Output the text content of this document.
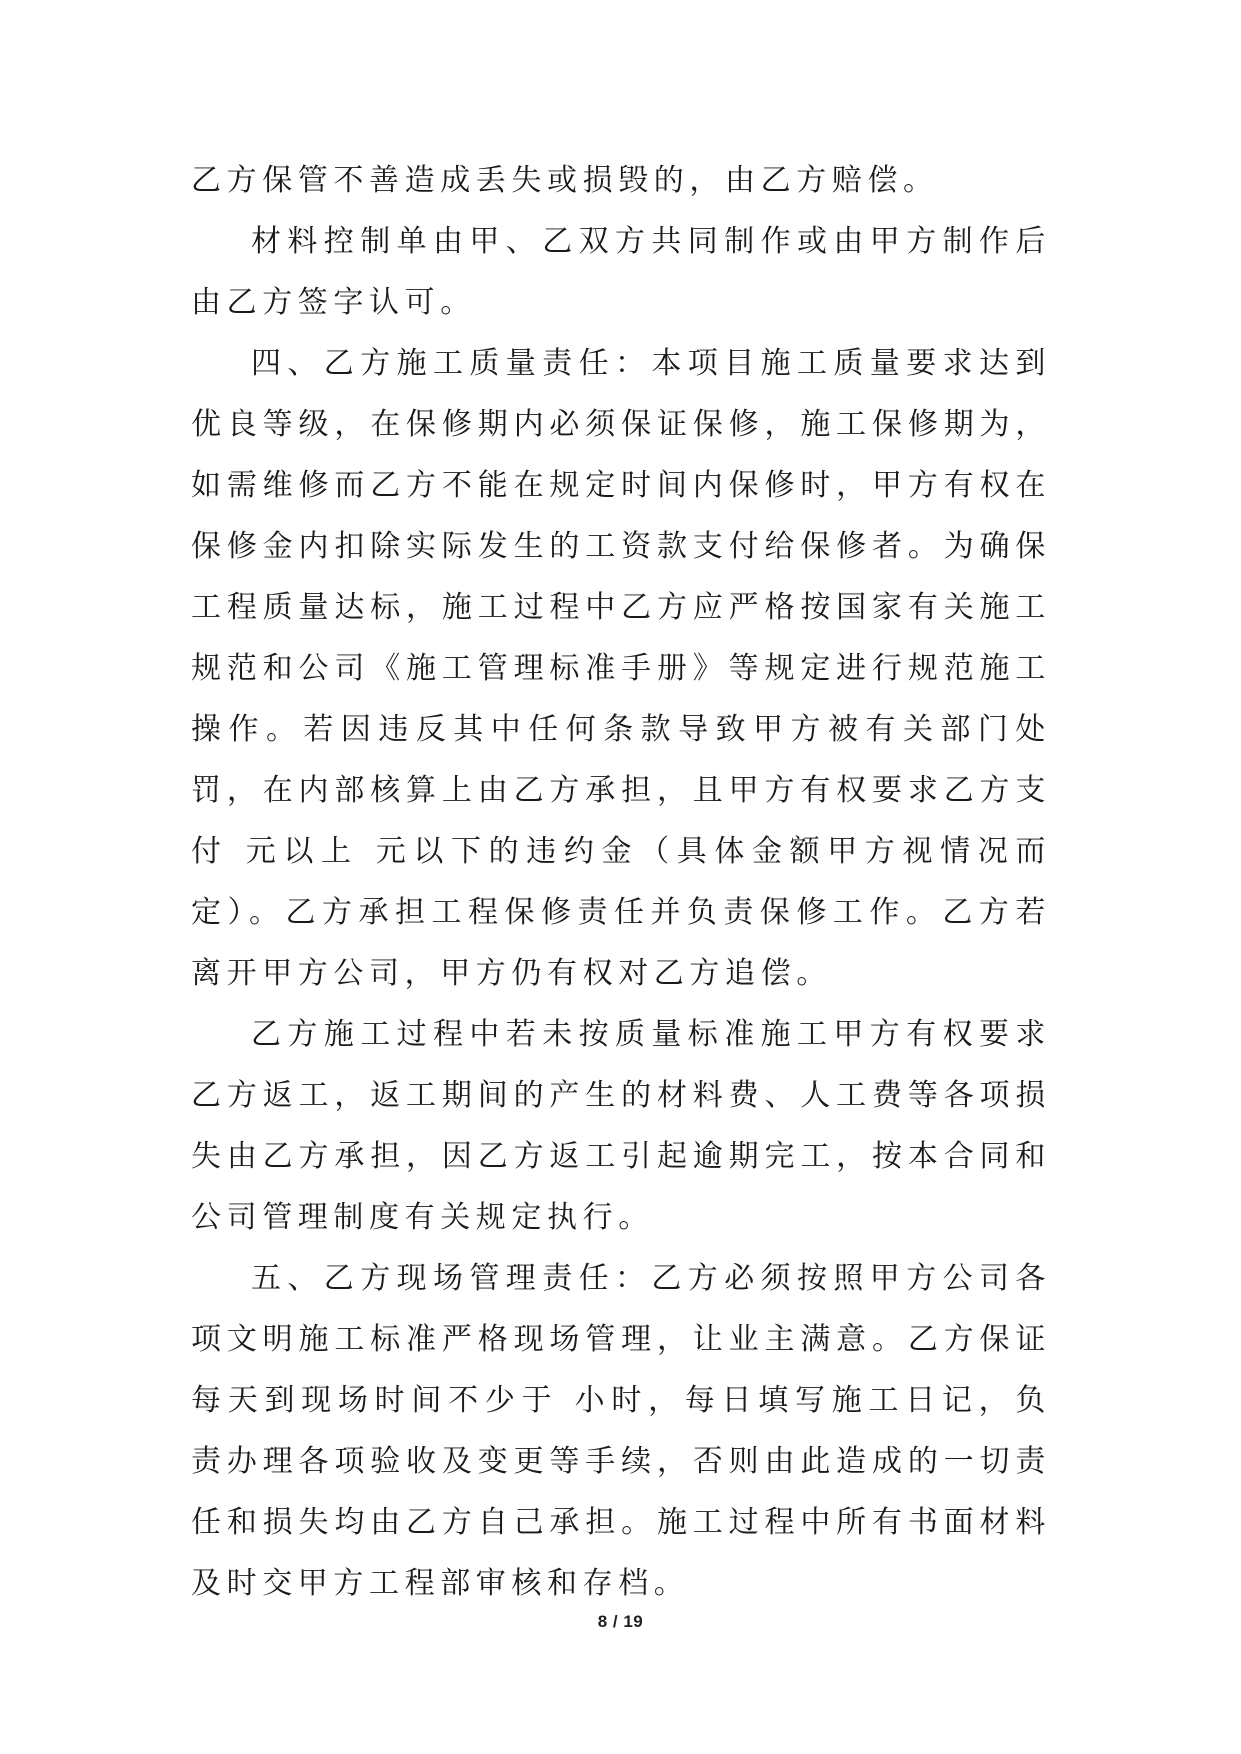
乙方保管不善造成丢失或损毁的，由乙方赔偿。

材料控制单由甲、乙双方共同制作或由甲方制作后由乙方签字认可。

四、乙方施工质量责任：本项目施工质量要求达到优良等级，在保修期内必须保证保修，施工保修期为，如需维修而乙方不能在规定时间内保修时，甲方有权在保修金内扣除实际发生的工资款支付给保修者。为确保工程质量达标，施工过程中乙方应严格按国家有关施工规范和公司《施工管理标准手册》等规定进行规范施工操作。若因违反其中任何条款导致甲方被有关部门处罚，在内部核算上由乙方承担，且甲方有权要求乙方支付 元以上 元以下的违约金（具体金额甲方视情况而定）。乙方承担工程保修责任并负责保修工作。乙方若离开甲方公司，甲方仍有权对乙方追偿。

乙方施工过程中若未按质量标准施工甲方有权要求乙方返工，返工期间的产生的材料费、人工费等各项损失由乙方承担，因乙方返工引起逾期完工，按本合同和公司管理制度有关规定执行。

五、乙方现场管理责任：乙方必须按照甲方公司各项文明施工标准严格现场管理，让业主满意。乙方保证每天到现场时间不少于 小时，每日填写施工日记，负责办理各项验收及变更等手续，否则由此造成的一切责任和损失均由乙方自己承担。施工过程中所有书面材料及时交甲方工程部审核和存档。

8 / 19
